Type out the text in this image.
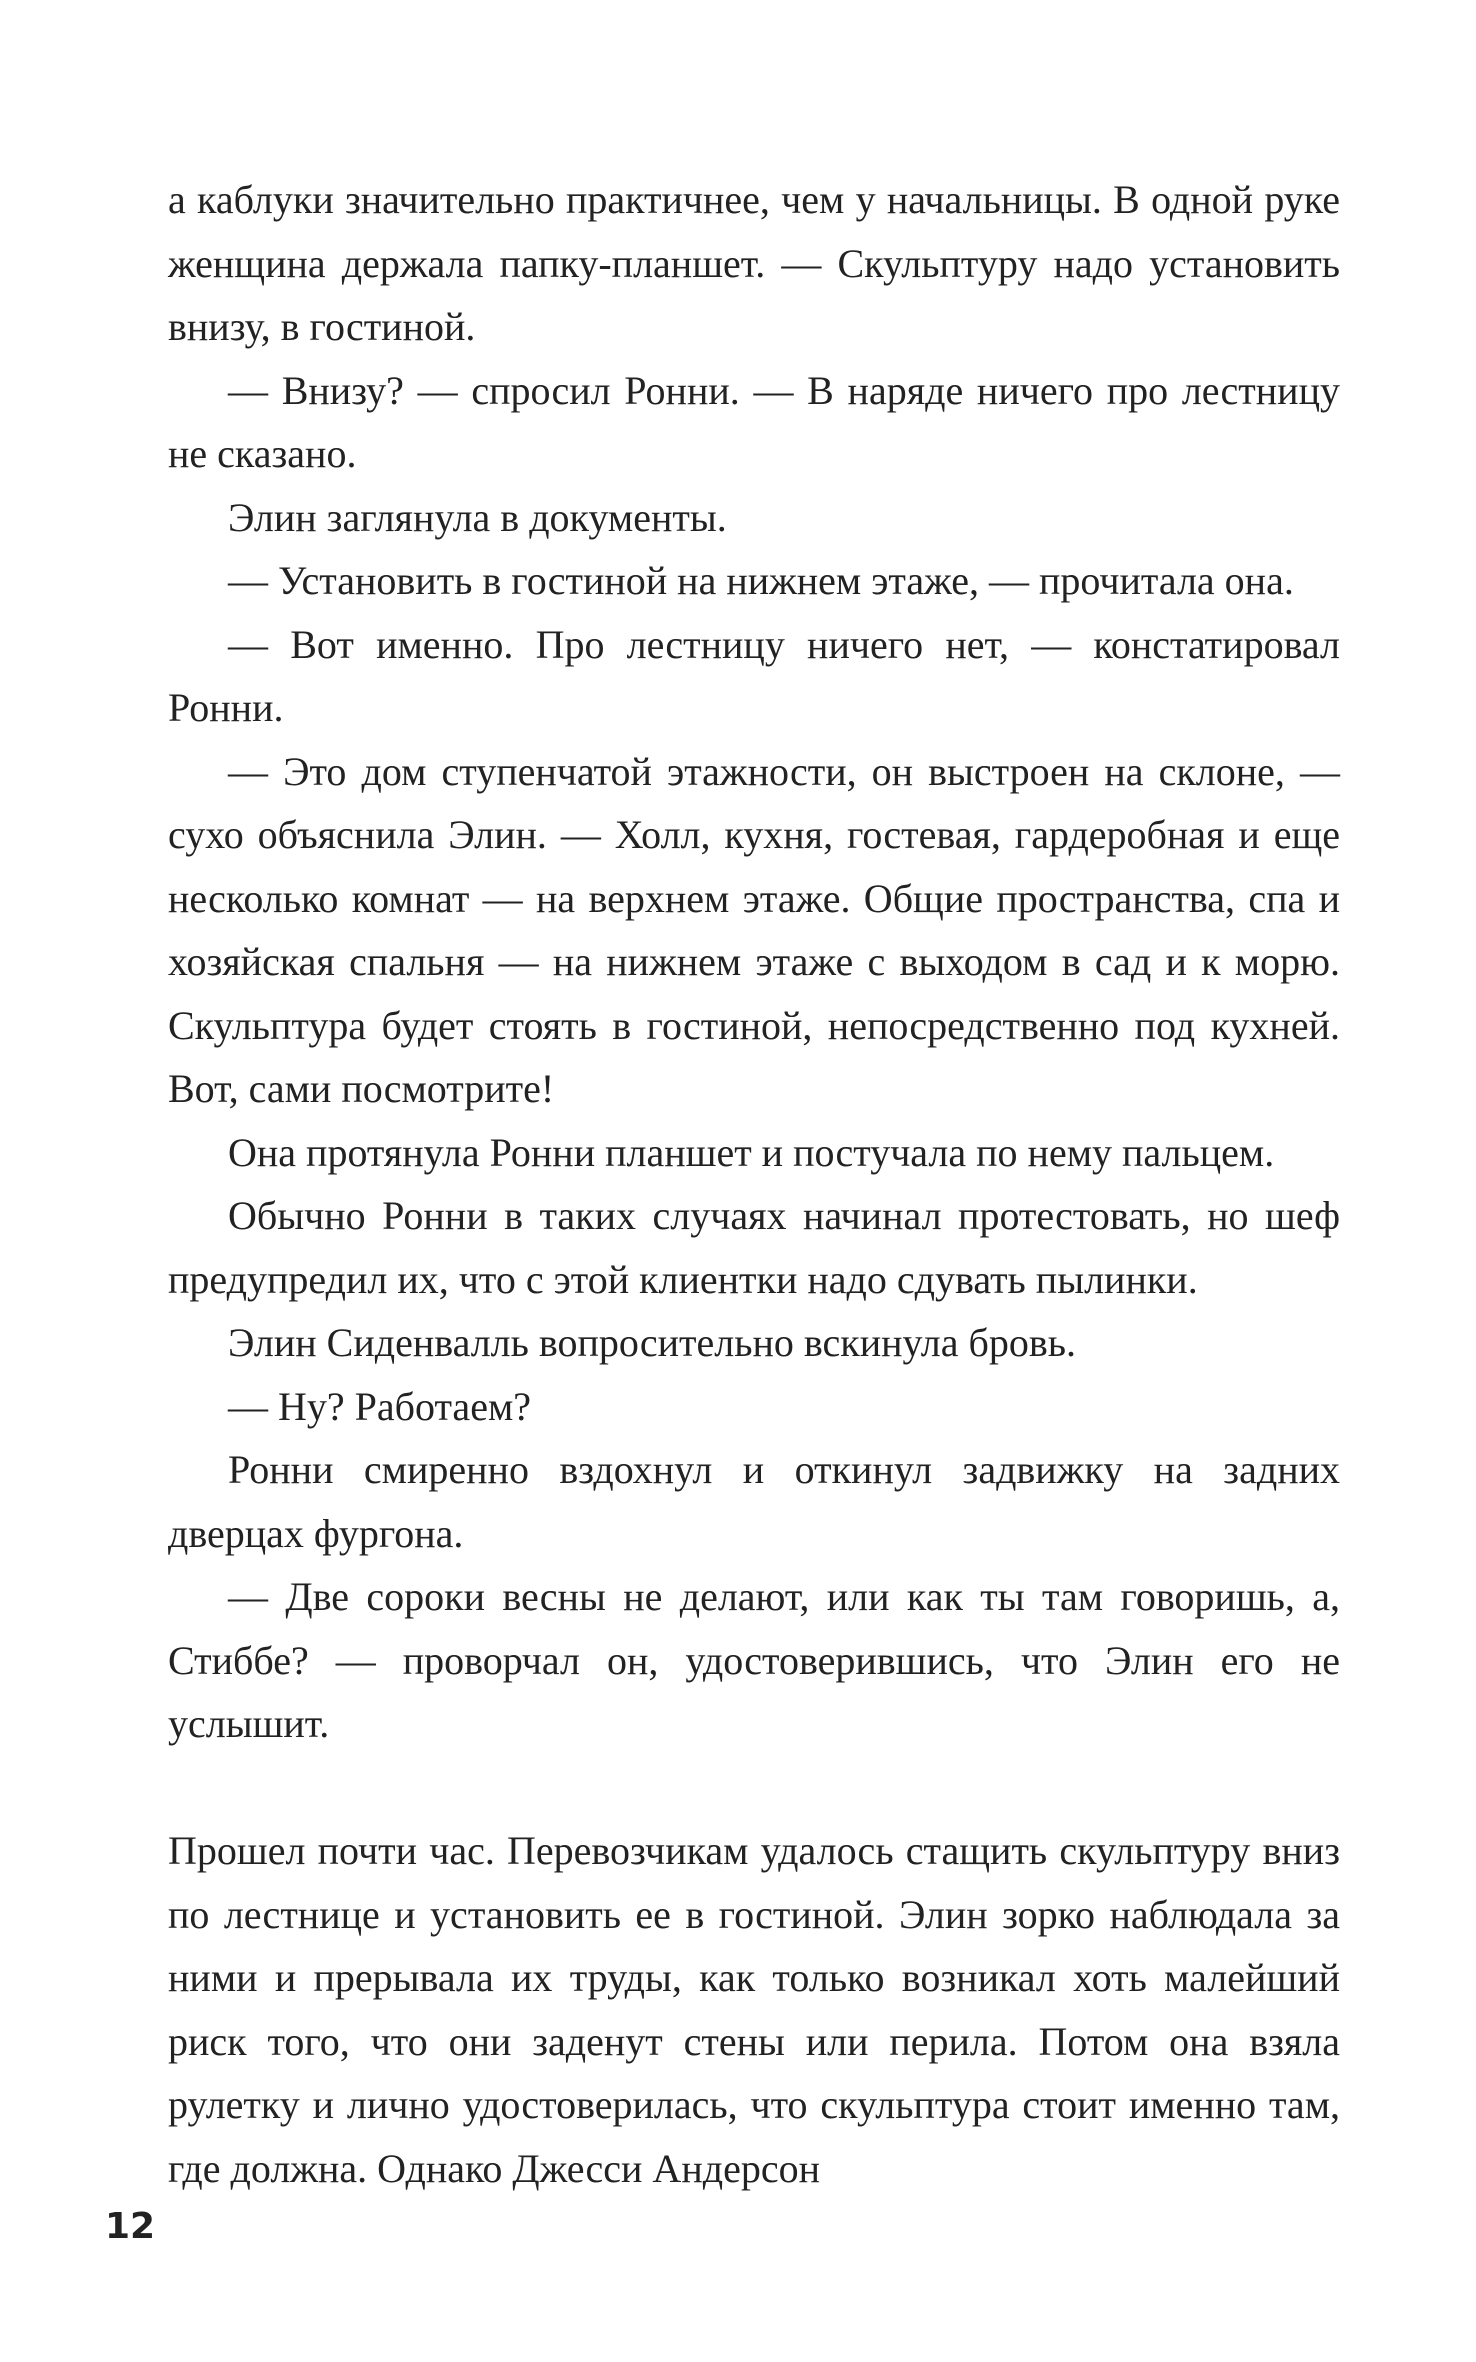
а каблуки значительно практичнее, чем у начальницы. В одной руке женщина держала папку-планшет. — Скульптуру надо установить внизу, в гостиной.

— Внизу? — спросил Ронни. — В наряде ничего про лестницу не сказано.

Элин заглянула в документы.

— Установить в гостиной на нижнем этаже, — прочитала она.

— Вот именно. Про лестницу ничего нет, — констатировал Ронни.

— Это дом ступенчатой этажности, он выстроен на склоне, — сухо объяснила Элин. — Холл, кухня, гостевая, гардеробная и еще несколько комнат — на верхнем этаже. Общие пространства, спа и хозяйская спальня — на нижнем этаже с выходом в сад и к морю. Скульптура будет стоять в гостиной, непосредственно под кухней. Вот, сами посмотрите!

Она протянула Ронни планшет и постучала по нему пальцем.

Обычно Ронни в таких случаях начинал протестовать, но шеф предупредил их, что с этой клиентки надо сдувать пылинки.

Элин Сиденвалль вопросительно вскинула бровь.

— Ну? Работаем?

Ронни смиренно вздохнул и откинул задвижку на задних дверцах фургона.

— Две сороки весны не делают, или как ты там говоришь, а, Стиббе? — проворчал он, удостоверившись, что Элин его не услышит.

Прошел почти час. Перевозчикам удалось стащить скульптуру вниз по лестнице и установить ее в гостиной. Элин зорко наблюдала за ними и прерывала их труды, как только возникал хоть малейший риск того, что они заденут стены или перила. Потом она взяла рулетку и лично удостоверилась, что скульптура стоит именно там, где должна. Однако Джесси Андерсон

12
